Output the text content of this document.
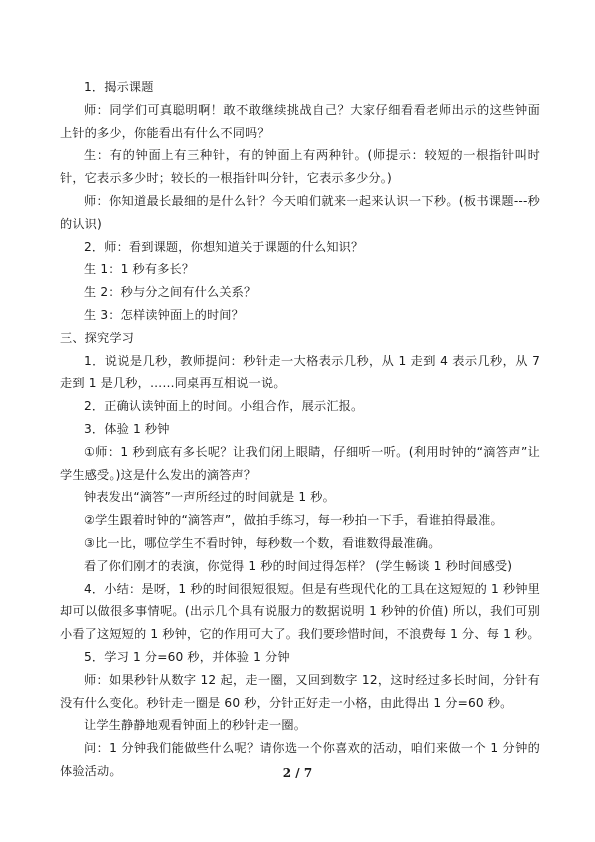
1．揭示课题

师：同学们可真聪明啊！敢不敢继续挑战自己？大家仔细看看老师出示的这些钟面上针的多少，你能看出有什么不同吗？

生：有的钟面上有三种针，有的钟面上有两种针。(师提示：较短的一根指针叫时针，它表示多少时；较长的一根指针叫分针，它表示多少分。)

师：你知道最长最细的是什么针？今天咱们就来一起来认识一下秒。(板书课题---秒的认识)

2．师：看到课题，你想知道关于课题的什么知识？

生 1：1 秒有多长？

生 2：秒与分之间有什么关系？

生 3：怎样读钟面上的时间？

三、探究学习

1．说说是几秒，教师提问：秒针走一大格表示几秒，从 1 走到 4 表示几秒，从 7 走到 1 是几秒，……同桌再互相说一说。

2．正确认读钟面上的时间。小组合作，展示汇报。

3．体验 1 秒钟

①师：1 秒到底有多长呢？让我们闭上眼睛，仔细听一听。(利用时钟的“滴答声”让学生感受。)这是什么发出的滴答声？

钟表发出“滴答”一声所经过的时间就是 1 秒。

②学生跟着时钟的“滴答声”，做拍手练习，每一秒拍一下手，看谁拍得最准。

③比一比，哪位学生不看时钟，每秒数一个数，看谁数得最准确。

看了你们刚才的表演，你觉得 1 秒的时间过得怎样？ (学生畅谈 1 秒时间感受)

4．小结：是呀，1 秒的时间很短很短。但是有些现代化的工具在这短短的 1 秒钟里却可以做很多事情呢。(出示几个具有说服力的数据说明 1 秒钟的价值) 所以，我们可别小看了这短短的 1 秒钟，它的作用可大了。我们要珍惜时间，不浪费每 1 分、每 1 秒。

5．学习 1 分=60 秒，并体验 1 分钟

师：如果秒针从数字 12 起，走一圈，又回到数字 12，这时经过多长时间，分针有没有什么变化。秒针走一圈是 60 秒，分针正好走一小格，由此得出 1 分=60 秒。

让学生静静地观看钟面上的秒针走一圈。

问：1 分钟我们能做些什么呢？请你选一个你喜欢的活动，咱们来做一个 1 分钟的体验活动。	2 / 7
